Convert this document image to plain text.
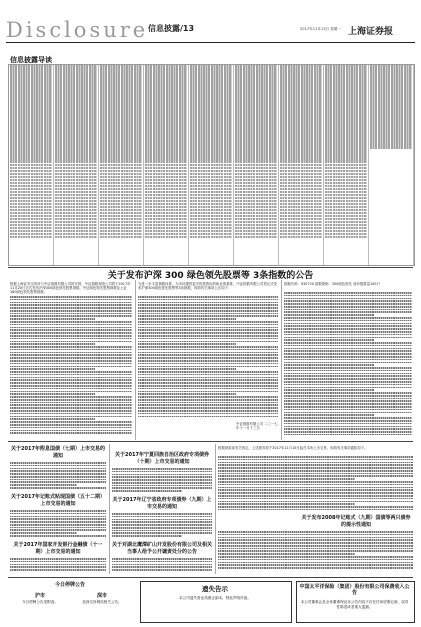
Disclosure 信息披露/13	2017年11月13日 星期一 上海证券报
信息披露导读
关于发布沪深 300 绿色领先股票等 3条指数的公告
根据上海证券交易所与中证指数有限公司的安排，中证指数有限公司将于2017年11月20日正式发布沪深300绿色领先股票指数、中证绿色领先股票指数及上证180绿色领先股票指数。
为进一步丰富指数体系，为市场提供更多的投资标的和业绩基准，中证指数有限公司将正式发布沪深300绿色领先股票等3条指数，现将有关事项公告如下：
中证指数有限公司 二〇一七年十一月十三日
指数代码：930720 指数简称：300绿色领先 成份股数量100只
关于2017年附息国债（七期）上市交易的通知
关于2017年记账式贴现国债（五十二期）上市交易的通知
关于2017年国家开发银行金融债（十一期）上市交易的通知
关于2017年宁夏回族自治区政府专项债券（十期）上市交易的通知
关于2017年辽宁省政府专项债券（九期）上市交易的通知
关于对湖北鹰潭矿山开发股份有限公司及相关当事人给予公开谴责处分的公告
根据财政部有关规定，上述债券将于2017年11月15日起在本所上市交易，现将有关事项通知如下。
关于发布2008年记账式（九期）国债等两只债券的提示性通知
今日停牌公告
沪市
今日停牌公告见附表。
深市
见深交所网站相关公告。
遗失告示
本公司遗失营业执照正副本，特此声明作废。
中国太平洋保险（集团）股份有限公司保费收入公告
本公司董事会及全体董事保证本公告内容不存在任何虚假记载、误导性陈述或者重大遗漏。
